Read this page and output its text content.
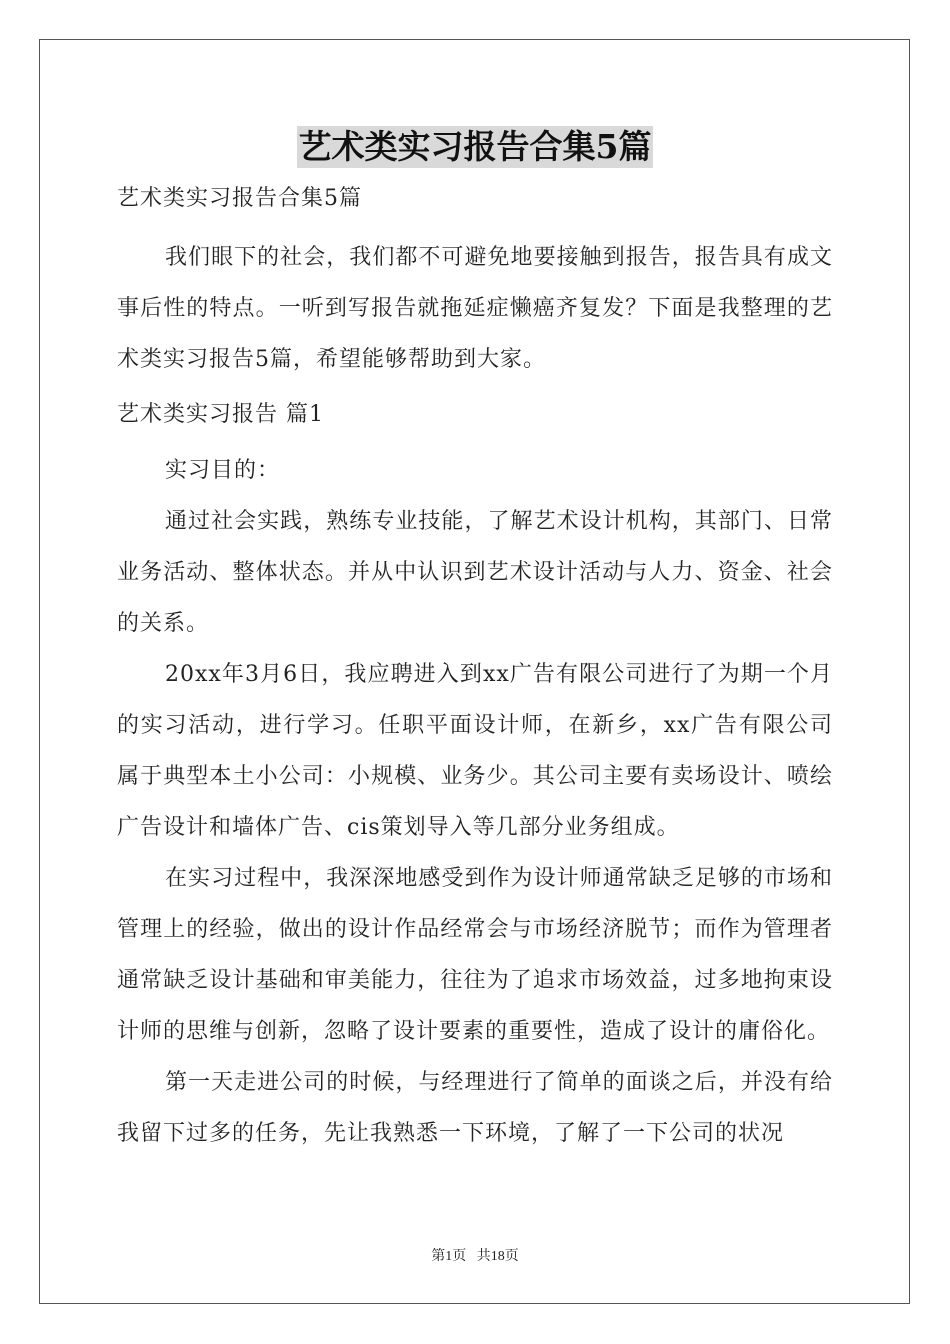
艺术类实习报告合集5篇

艺术类实习报告合集5篇

我们眼下的社会，我们都不可避免地要接触到报告，报告具有成文事后性的特点。一听到写报告就拖延症懒癌齐复发？下面是我整理的艺术类实习报告5篇，希望能够帮助到大家。

艺术类实习报告 篇1

实习目的：

通过社会实践，熟练专业技能，了解艺术设计机构，其部门、日常业务活动、整体状态。并从中认识到艺术设计活动与人力、资金、社会的关系。

20xx年3月6日，我应聘进入到xx广告有限公司进行了为期一个月的实习活动，进行学习。任职平面设计师，在新乡，xx广告有限公司属于典型本土小公司：小规模、业务少。其公司主要有卖场设计、喷绘广告设计和墙体广告、cis策划导入等几部分业务组成。

在实习过程中，我深深地感受到作为设计师通常缺乏足够的市场和管理上的经验，做出的设计作品经常会与市场经济脱节；而作为管理者通常缺乏设计基础和审美能力，往往为了追求市场效益，过多地拘束设计师的思维与创新，忽略了设计要素的重要性，造成了设计的庸俗化。

第一天走进公司的时候，与经理进行了简单的面谈之后，并没有给我留下过多的任务，先让我熟悉一下环境，了解了一下公司的状况

第1页 共18页
